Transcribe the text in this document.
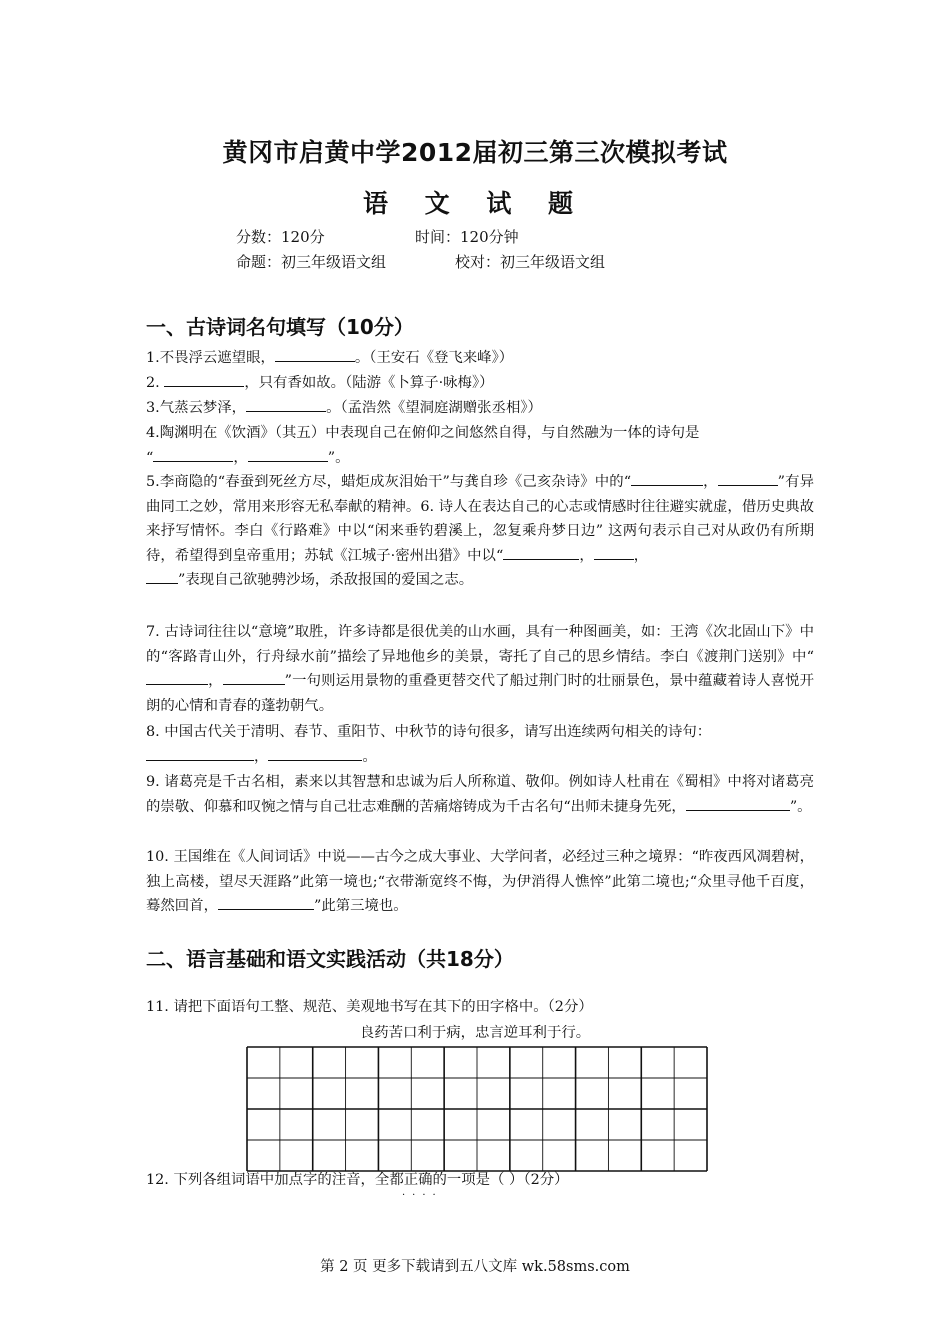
黄冈市启黄中学2012届初三第三次模拟考试
语 文 试 题
分数：120分	时间：120分钟
命题：初三年级语文组	校对：初三年级语文组
一、古诗词名句填写（10分）
1.不畏浮云遮望眼，	。（王安石《登飞来峰》）
2.	，只有香如故。（陆游《卜算子·咏梅》）
3.气蒸云梦泽，	。（孟浩然《望洞庭湖赠张丞相》）
4.陶渊明在《饮酒》（其五）中表现自己在俯仰之间悠然自得，与自然融为一体的诗句是
“	，	”。
5.李商隐的“春蚕到死丝方尽，蜡炬成灰泪始干”与龚自珍《己亥杂诗》中的“	，	”有异曲同工之妙，常用来形容无私奉献的精神。6. 诗人在表达自己的心志或情感时往往避实就虚，借历史典故来抒写情怀。李白《行路难》中以“闲来垂钓碧溪上，忽复乘舟梦日边” 这两句表示自己对从政仍有所期待，希望得到皇帝重用；苏轼《江城子·密州出猎》中以“	，	，
”表现自己欲驰骋沙场，杀敌报国的爱国之志。
7. 古诗词往往以“意境”取胜，许多诗都是很优美的山水画，具有一种图画美，如：王湾《次北固山下》中的“客路青山外，行舟绿水前”描绘了异地他乡的美景，寄托了自己的思乡情结。李白《渡荆门送别》中“，	”一句则运用景物的重叠更替交代了船过荆门时的壮丽景色，景中蕴藏着诗人喜悦开朗的心情和青春的蓬勃朝气。
8. 中国古代关于清明、春节、重阳节、中秋节的诗句很多，请写出连续两句相关的诗句：
，	。
9. 诸葛亮是千古名相，素来以其智慧和忠诚为后人所称道、敬仰。例如诗人杜甫在《蜀相》中将对诸葛亮的崇敬、仰慕和叹惋之情与自己壮志难酬的苦痛熔铸成为千古名句“出师未捷身先死，	”。
10. 王国维在《人间词话》中说——古今之成大事业、大学问者，必经过三种之境界：“昨夜西风凋碧树，独上高楼，望尽天涯路”此第一境也;“衣带渐宽终不悔，为伊消得人憔悴”此第二境也;“众里寻他千百度，蓦然回首，	”此第三境也。
二、语言基础和语文实践活动（共18分）
11. 请把下面语句工整、规范、美观地书写在其下的田字格中。（2分）
良药苦口利于病，忠言逆耳利于行。
12. 下列各组词语中加点字的注音，全都正确的一项是（ ）（2分）
····
第 2 页 更多下载请到五八文库 wk.58sms.com
